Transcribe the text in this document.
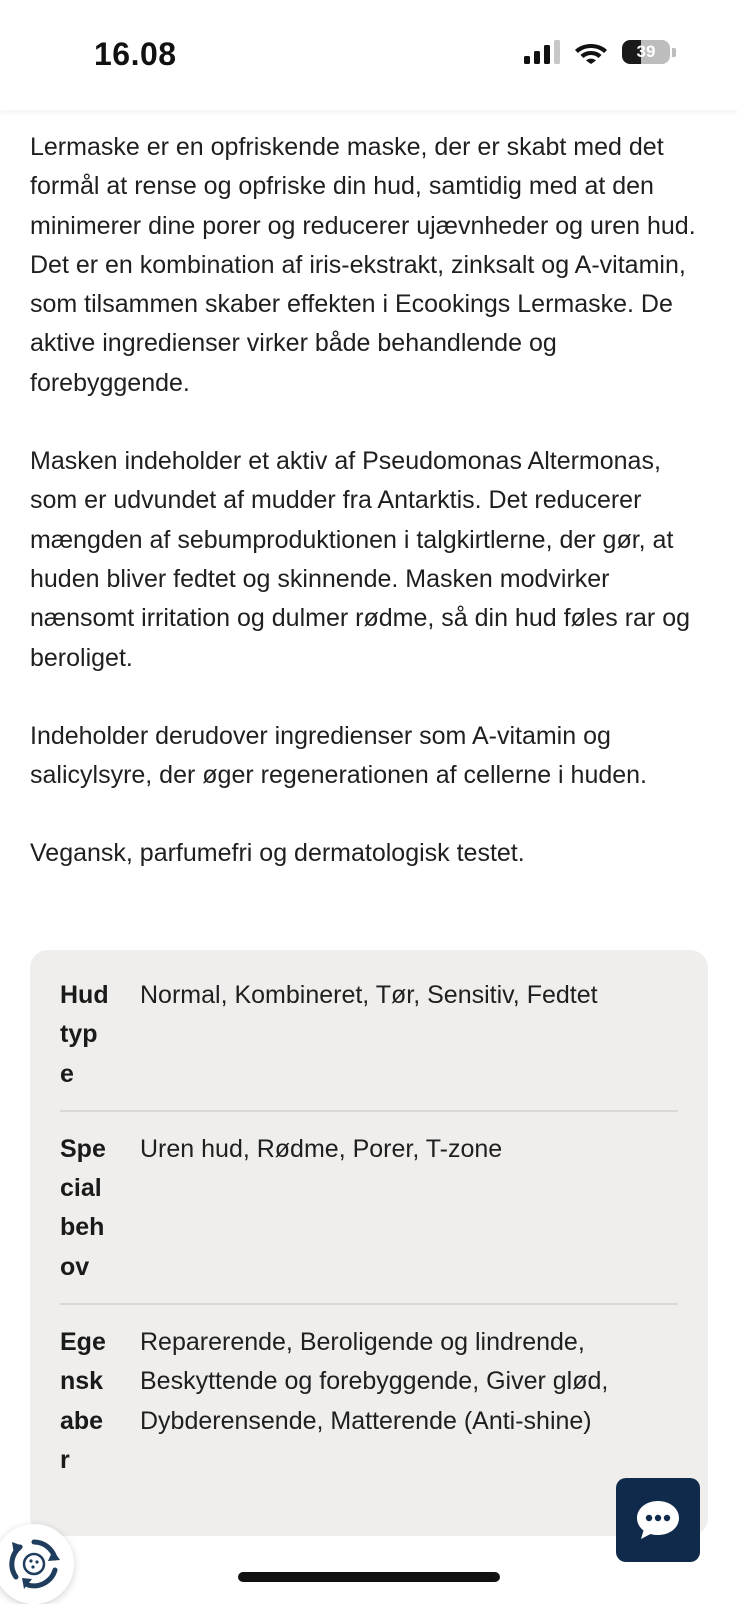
16.08	39

Lermaske er en opfriskende maske, der er skabt med det formål at rense og opfriske din hud, samtidig med at den minimerer dine porer og reducerer ujævnheder og uren hud. Det er en kombination af iris-ekstrakt, zinksalt og A-vitamin, som tilsammen skaber effekten i Ecookings Lermaske. De aktive ingredienser virker både behandlende og forebyggende.

Masken indeholder et aktiv af Pseudomonas Altermonas, som er udvundet af mudder fra Antarktis. Det reducerer mængden af sebumproduktionen i talgkirtlerne, der gør, at huden bliver fedtet og skinnende. Masken modvirker nænsomt irritation og dulmer rødme, så din hud føles rar og beroliget.

Indeholder derudover ingredienser som A-vitamin og salicylsyre, der øger regenerationen af cellerne i huden.

Vegansk, parfumefri og dermatologisk testet.

Hudtype
Normal, Kombineret, Tør, Sensitiv, Fedtet
Specialbehov
Uren hud, Rødme, Porer, T-zone
Egenskaber
Reparerende, Beroligende og lindrende, Beskyttende og forebyggende, Giver glød, Dybderensende, Matterende (Anti-shine)
